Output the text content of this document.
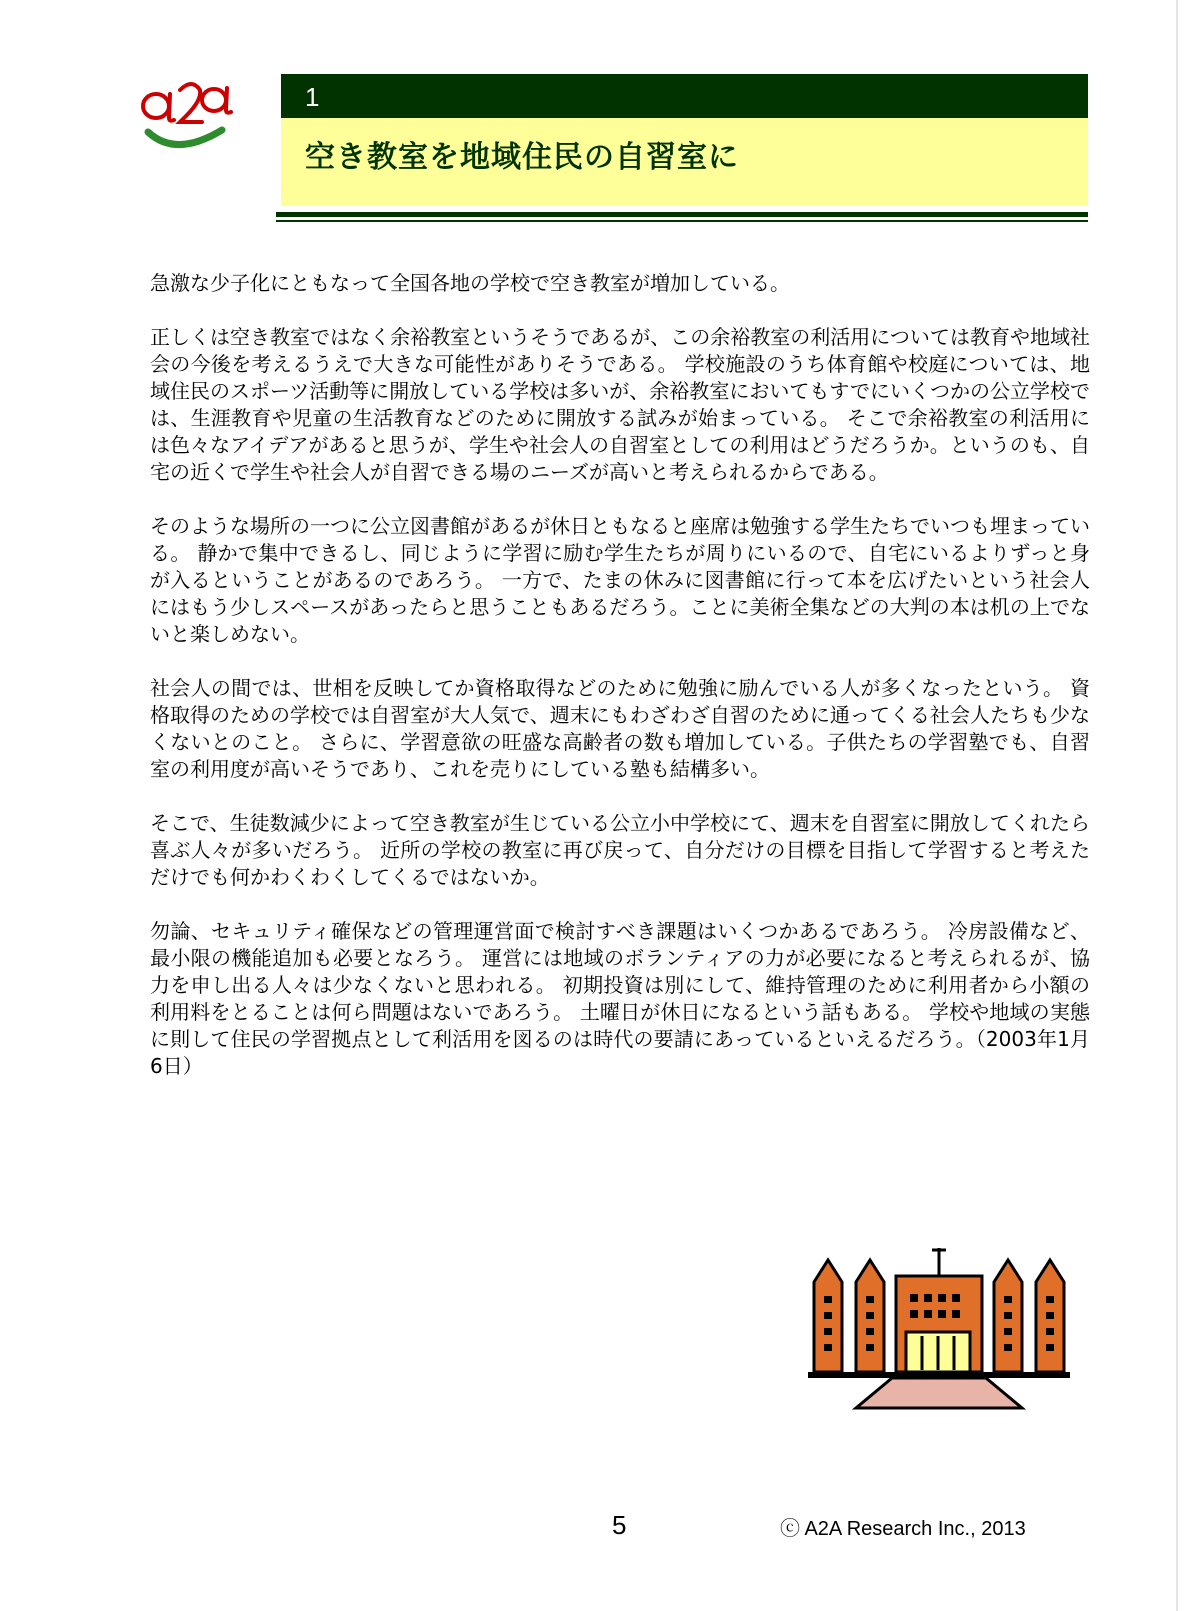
1
空き教室を地域住民の自習室に

急激な少子化にともなって全国各地の学校で空き教室が増加している。

正しくは空き教室ではなく余裕教室というそうであるが、この余裕教室の利活用については教育や地域社会の今後を考えるうえで大きな可能性がありそうである。 学校施設のうち体育館や校庭については、地域住民のスポーツ活動等に開放している学校は多いが、余裕教室においてもすでにいくつかの公立学校では、生涯教育や児童の生活教育などのために開放する試みが始まっている。 そこで余裕教室の利活用には色々なアイデアがあると思うが、学生や社会人の自習室としての利用はどうだろうか。というのも、自宅の近くで学生や社会人が自習できる場のニーズが高いと考えられるからである。

そのような場所の一つに公立図書館があるが休日ともなると座席は勉強する学生たちでいつも埋まっている。 静かで集中できるし、同じように学習に励む学生たちが周りにいるので、自宅にいるよりずっと身が入るということがあるのであろう。 一方で、たまの休みに図書館に行って本を広げたいという社会人にはもう少しスペースがあったらと思うこともあるだろう。ことに美術全集などの大判の本は机の上でないと楽しめない。

社会人の間では、世相を反映してか資格取得などのために勉強に励んでいる人が多くなったという。 資格取得のための学校では自習室が大人気で、週末にもわざわざ自習のために通ってくる社会人たちも少なくないとのこと。 さらに、学習意欲の旺盛な高齢者の数も増加している。子供たちの学習塾でも、自習室の利用度が高いそうであり、これを売りにしている塾も結構多い。

そこで、生徒数減少によって空き教室が生じている公立小中学校にて、週末を自習室に開放してくれたら喜ぶ人々が多いだろう。 近所の学校の教室に再び戻って、自分だけの目標を目指して学習すると考えただけでも何かわくわくしてくるではないか。

勿論、セキュリティ確保などの管理運営面で検討すべき課題はいくつかあるであろう。 冷房設備など、最小限の機能追加も必要となろう。 運営には地域のボランティアの力が必要になると考えられるが、協力を申し出る人々は少なくないと思われる。 初期投資は別にして、維持管理のために利用者から小額の利用料をとることは何ら問題はないであろう。 土曜日が休日になるという話もある。 学校や地域の実態に則して住民の学習拠点として利活用を図るのは時代の要請にあっているといえるだろう。（2003年1月6日）

5	ⓒ A2A Research Inc., 2013
